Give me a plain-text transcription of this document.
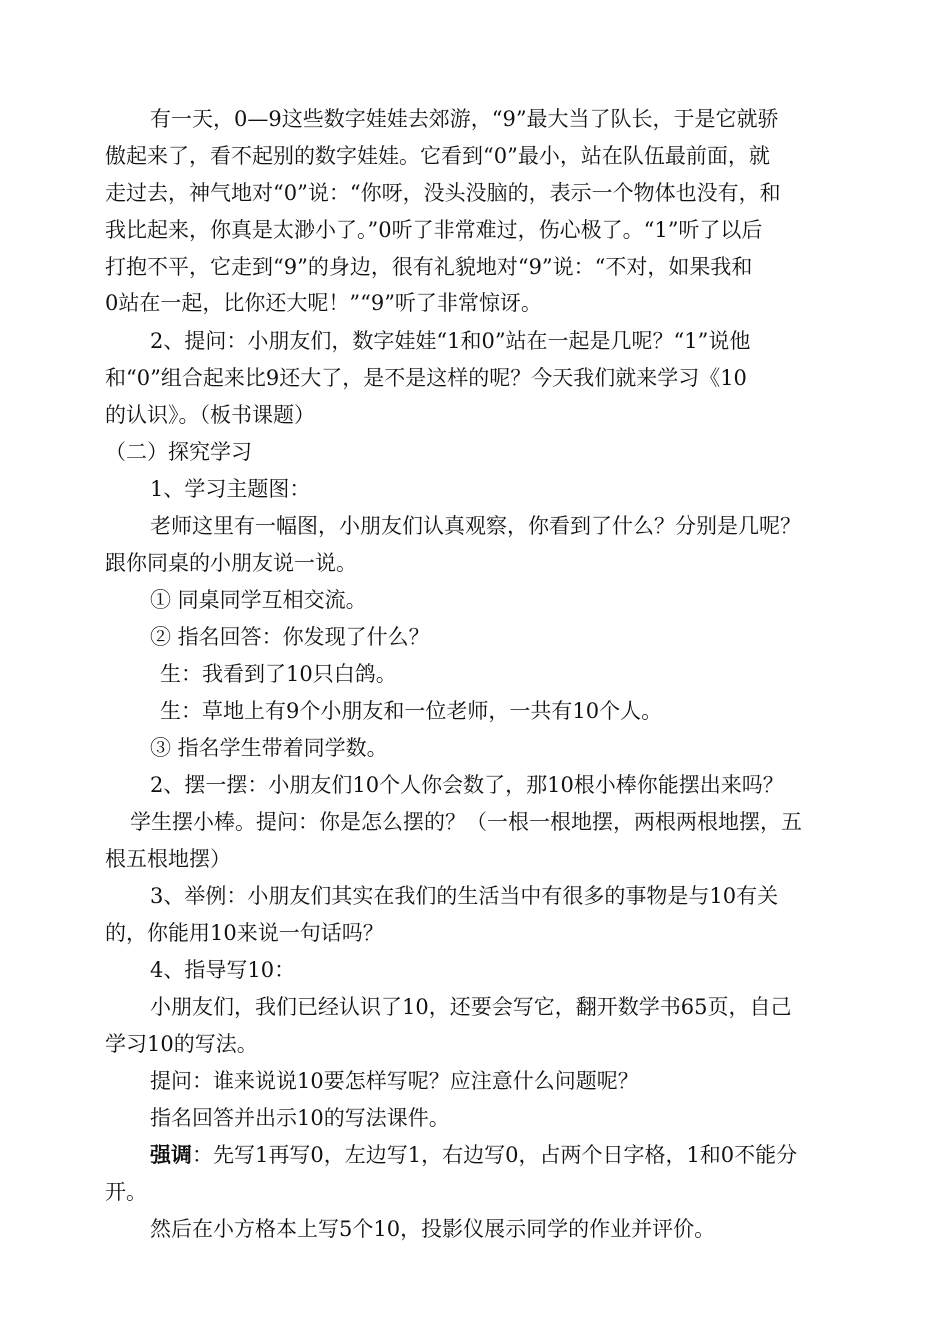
有一天，0—9这些数字娃娃去郊游，“9”最大当了队长，于是它就骄
傲起来了，看不起别的数字娃娃。它看到“0”最小，站在队伍最前面，就
走过去，神气地对“0”说：“你呀，没头没脑的，表示一个物体也没有，和
我比起来，你真是太渺小了。”0听了非常难过，伤心极了。“1”听了以后
打抱不平，它走到“9”的身边，很有礼貌地对“9”说：“不对，如果我和
0站在一起，比你还大呢！”“9”听了非常惊讶。
2、提问：小朋友们，数字娃娃“1和0”站在一起是几呢？“1”说他
和“0”组合起来比9还大了，是不是这样的呢？今天我们就来学习《10
的认识》。（板书课题）
（二）探究学习
1、学习主题图：
老师这里有一幅图，小朋友们认真观察，你看到了什么？分别是几呢？
跟你同桌的小朋友说一说。
① 同桌同学互相交流。
② 指名回答：你发现了什么？
生：我看到了10只白鸽。
生：草地上有9个小朋友和一位老师，一共有10个人。
③ 指名学生带着同学数。
2、摆一摆：小朋友们10个人你会数了，那10根小棒你能摆出来吗？
学生摆小棒。提问：你是怎么摆的？（一根一根地摆，两根两根地摆，五
根五根地摆）
3、举例：小朋友们其实在我们的生活当中有很多的事物是与10有关
的，你能用10来说一句话吗？
4、指导写10：
小朋友们，我们已经认识了10，还要会写它，翻开数学书65页，自己
学习10的写法。
提问：谁来说说10要怎样写呢？应注意什么问题呢？
指名回答并出示10的写法课件。
强调：先写1再写0，左边写1，右边写0，占两个日字格，1和0不能分
开。
然后在小方格本上写5个10，投影仪展示同学的作业并评价。
